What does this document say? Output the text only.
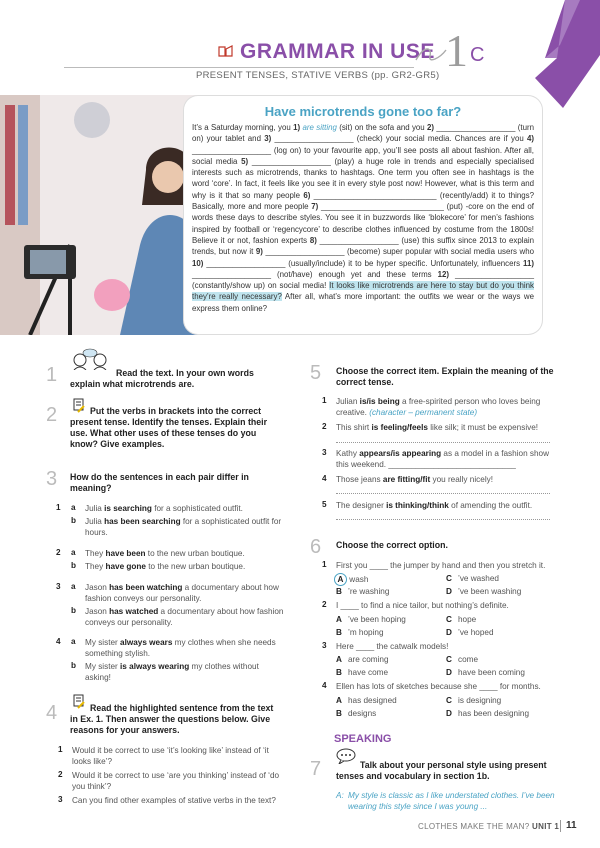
GRAMMAR IN USE 1 C
PRESENT TENSES, STATIVE VERBS (pp. GR2-GR5)
Have microtrends gone too far?
It’s a Saturday morning, you 1) are sitting (sit) on the sofa and you 2) __________________ (turn on) your tablet and 3) __________________ (check) your social media. Chances are if you 4) __________________ (log on) to your favourite app, you’ll see posts all about fashion. After all, social media 5) __________________ (play) a huge role in trends and especially specialised interests such as microtrends, thanks to hashtags. One term you often see in hashtags is the word ‘core’. In fact, it feels like you see it in every style post now! However, what is this term and why is it that so many people 6) ____________________________ (recently/add) it to things? Basically, more and more people 7) ____________________________ (put) -core on the end of words these days to describe styles. You see it in buzzwords like ‘blokecore’ for men’s fashions inspired by football or ‘regencycore’ to describe clothes influenced by costume from the 1800s! Believe it or not, fashion experts 8) __________________ (use) this suffix since 2013 to explain trends, but now it 9) __________________ (become) super popular with social media users who 10) __________________ (usually/include) it to be hyper specific. Unfortunately, influencers 11) __________________ (not/have) enough yet and these terms 12) __________________ (constantly/show up) on social media! It looks like microtrends are here to stay but do you think they’re really necessary? After all, what’s more important: the outfits we wear or the ways we express them online?
1	Read the text. In your own words explain what microtrends are.
2	Put the verbs in brackets into the correct present tense. Identify the tenses. Explain their use. What other uses of these tenses do you know? Give examples.
3 How do the sentences in each pair differ in meaning?
1 a Julia is searching for a sophisticated outfit.
b Julia has been searching for a sophisticated outfit for hours.
2 a They have been to the new urban boutique.
b They have gone to the new urban boutique.
3 a Jason has been watching a documentary about how fashion conveys our personality.
b Jason has watched a documentary about how fashion conveys our personality.
4 a My sister always wears my clothes when she needs something stylish.
b My sister is always wearing my clothes without asking!
4	Read the highlighted sentence from the text in Ex. 1. Then answer the questions below. Give reasons for your answers.
1 Would it be correct to use ‘it’s looking like’ instead of ‘it looks like’?
2 Would it be correct to use ‘are you thinking’ instead of ‘do you think’?
3 Can you find other examples of stative verbs in the text?
5 Choose the correct item. Explain the meaning of the correct tense.
1 Julian is/is being a free-spirited person who loves being creative. (character – permanent state)
2 This shirt is feeling/feels like silk; it must be expensive!
3 Kathy appears/is appearing as a model in a fashion show this weekend. ____________________________
4 Those jeans are fitting/fit you really nicely!
5 The designer is thinking/think of amending the outfit.
6 Choose the correct option.
1 First you ____ the jumper by hand and then you stretch it.
A wash	C ’ve washed
B ’re washing	D ’ve been washing
2 I ____ to find a nice tailor, but nothing’s definite.
A ’ve been hoping	C hope
B ’m hoping	D ’ve hoped
3 Here ____ the catwalk models!
A are coming	C come
B have come	D have been coming
4 Ellen has lots of sketches because she ____ for months.
A has designed	C is designing
B designs	D has been designing
SPEAKING
7	Talk about your personal style using present tenses and vocabulary in section 1b.
A: My style is classic as I like understated clothes. I’ve been wearing this style since I was young ...
CLOTHES MAKE THE MAN? UNIT 1 11
